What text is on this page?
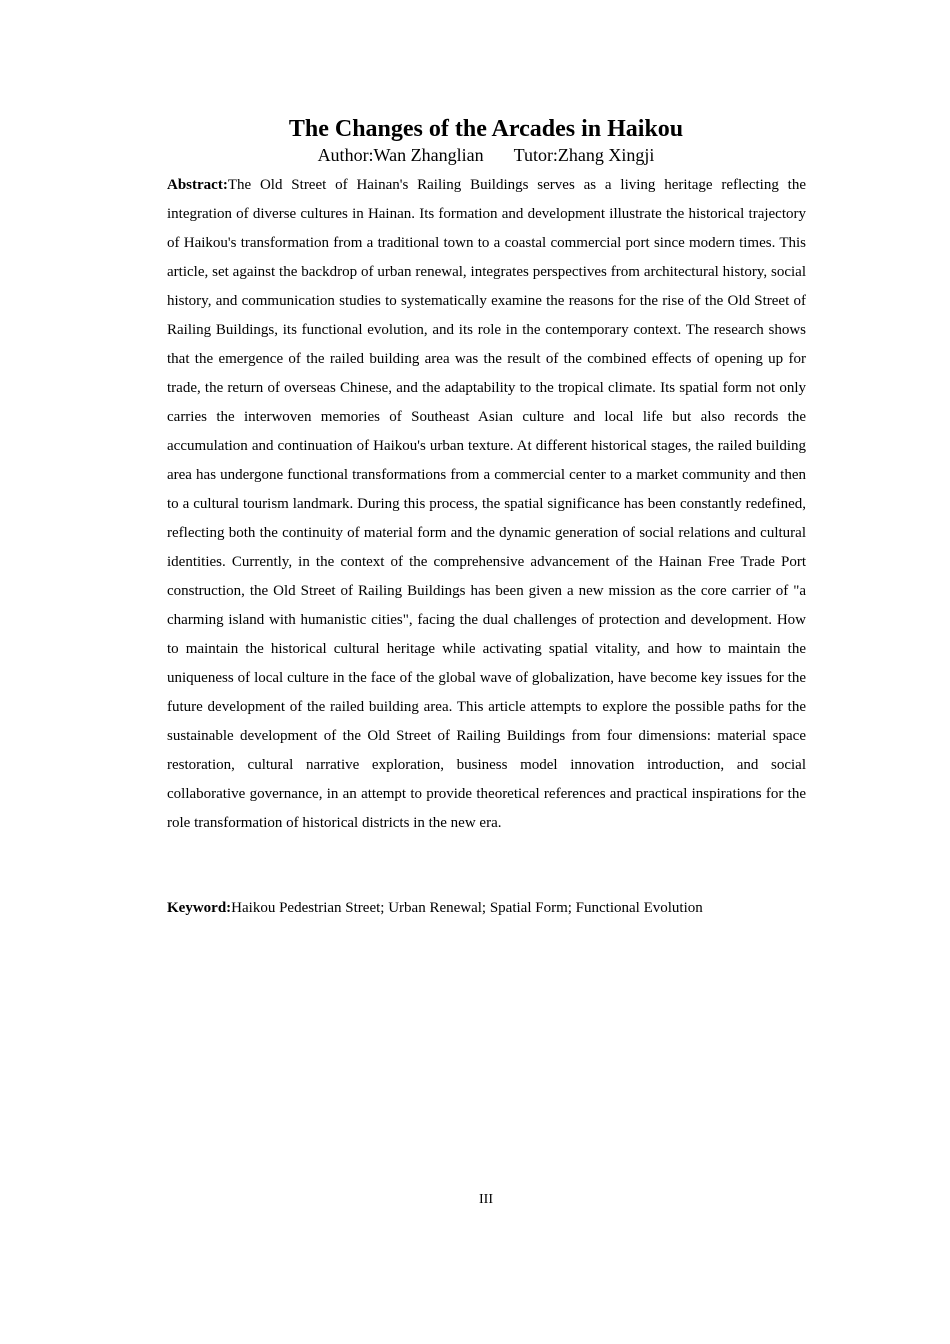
The Changes of the Arcades in Haikou
Author:Wan Zhanglian Tutor:Zhang Xingji

Abstract:The Old Street of Hainan's Railing Buildings serves as a living heritage reflecting the integration of diverse cultures in Hainan. Its formation and development illustrate the historical trajectory of Haikou's transformation from a traditional town to a coastal commercial port since modern times. This article, set against the backdrop of urban renewal, integrates perspectives from architectural history, social history, and communication studies to systematically examine the reasons for the rise of the Old Street of Railing Buildings, its functional evolution, and its role in the contemporary context. The research shows that the emergence of the railed building area was the result of the combined effects of opening up for trade, the return of overseas Chinese, and the adaptability to the tropical climate. Its spatial form not only carries the interwoven memories of Southeast Asian culture and local life but also records the accumulation and continuation of Haikou's urban texture. At different historical stages, the railed building area has undergone functional transformations from a commercial center to a market community and then to a cultural tourism landmark. During this process, the spatial significance has been constantly redefined, reflecting both the continuity of material form and the dynamic generation of social relations and cultural identities. Currently, in the context of the comprehensive advancement of the Hainan Free Trade Port construction, the Old Street of Railing Buildings has been given a new mission as the core carrier of "a charming island with humanistic cities", facing the dual challenges of protection and development. How to maintain the historical cultural heritage while activating spatial vitality, and how to maintain the uniqueness of local culture in the face of the global wave of globalization, have become key issues for the future development of the railed building area. This article attempts to explore the possible paths for the sustainable development of the Old Street of Railing Buildings from four dimensions: material space restoration, cultural narrative exploration, business model innovation introduction, and social collaborative governance, in an attempt to provide theoretical references and practical inspirations for the role transformation of historical districts in the new era.

Keyword:Haikou Pedestrian Street; Urban Renewal; Spatial Form; Functional Evolution

III
